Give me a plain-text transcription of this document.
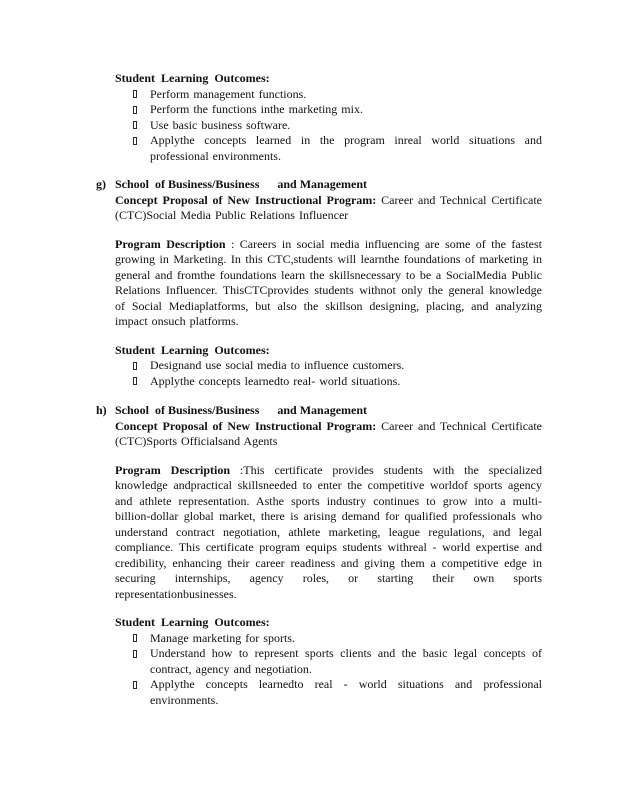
Student  Learning  Outcomes:
Perform management functions.
Perform the functions inthe marketing mix.
Use basic business software.
Applythe concepts learned in the program inreal world situations and professional environments.
g) School  of Business/Business      and Management

Concept Proposal of New Instructional Program: Career and Technical Certificate (CTC)Social Media Public Relations Influencer

Program Description : Careers in social media influencing are some of the fastest growing in Marketing. In this CTC,students will learnthe foundations of marketing in general and fromthe foundations learn the skillsnecessary to be a SocialMedia Public Relations Influencer. ThisCTCprovides students withnot only the general knowledge of Social Mediaplatforms, but also the skillson designing, placing, and analyzing impact onsuch platforms.

Student  Learning  Outcomes:
Designand use social media to influence customers.
Applythe concepts learnedto real- world situations.
h) School  of Business/Business      and Management

Concept Proposal of New Instructional Program: Career and Technical Certificate (CTC)Sports Officialsand Agents

Program Description :This certificate provides students with the specialized knowledge andpractical skillsneeded to enter the competitive worldof sports agency and athlete representation. Asthe sports industry continues to grow into a multi-billion-dollar global market, there is arising demand for qualified professionals who understand contract negotiation, athlete marketing, league regulations, and legal compliance. This certificate program equips students withreal - world expertise and credibility, enhancing their career readiness and giving them a competitive edge in securing internships, agency roles, or starting their own sports representationbusinesses.

Student  Learning  Outcomes:
Manage marketing for sports.
Understand how to represent sports clients and the basic legal concepts of contract, agency and negotiation.
Applythe concepts learnedto real - world situations and professional environments.
